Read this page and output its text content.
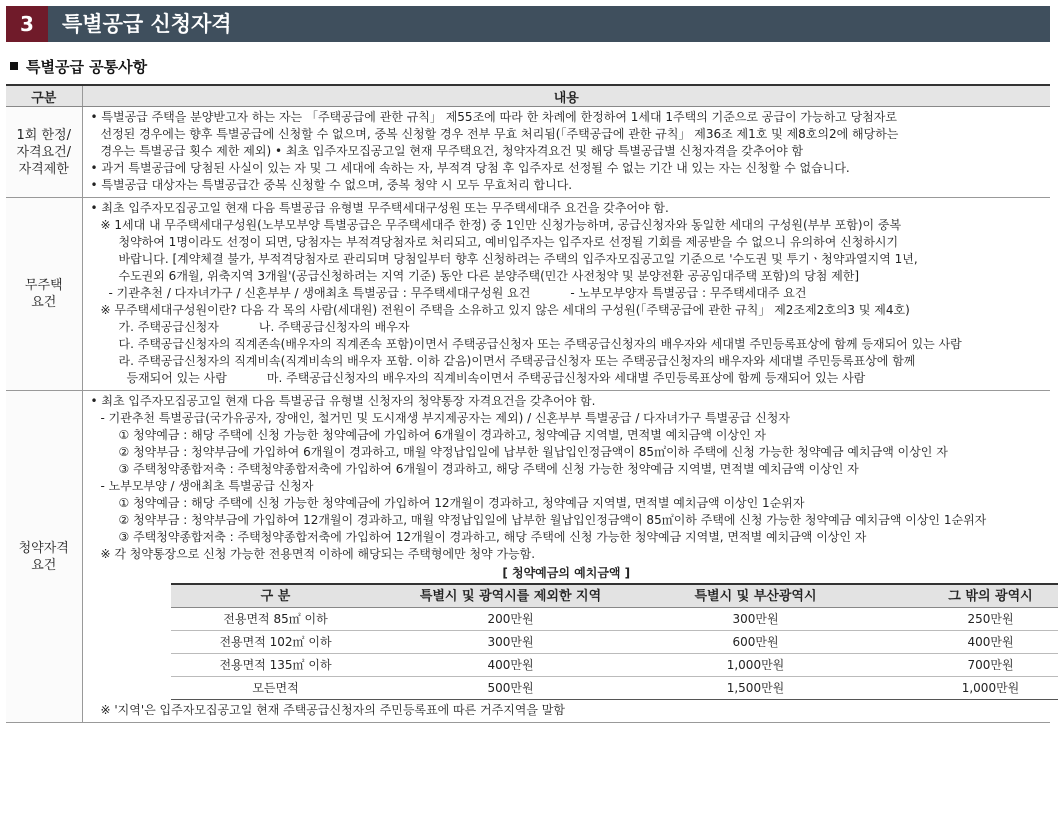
3	특별공급 신청자격
특별공급 공통사항
구분	내용

1회 한정/
자격요건/
자격제한

• 특별공급 주택을 분양받고자 하는 자는 「주택공급에 관한 규칙」 제55조에 따라 한 차례에 한정하여 1세대 1주택의 기준으로 공급이 가능하고 당첨자로
선정된 경우에는 향후 특별공급에 신청할 수 없으며, 중복 신청할 경우 전부 무효 처리됨(「주택공급에 관한 규칙」 제36조 제1호 및 제8호의2에 해당하는
경우는 특별공급 횟수 제한 제외) • 최초 입주자모집공고일 현재 무주택요건, 청약자격요건 및 해당 특별공급별 신청자격을 갖추어야 함
• 과거 특별공급에 당첨된 사실이 있는 자 및 그 세대에 속하는 자, 부적격 당첨 후 입주자로 선정될 수 없는 기간 내 있는 자는 신청할 수 없습니다.
• 특별공급 대상자는 특별공급간 중복 신청할 수 없으며, 중복 청약 시 모두 무효처리 합니다.

무주택
요건

• 최초 입주자모집공고일 현재 다음 특별공급 유형별 무주택세대구성원 또는 무주택세대주 요건을 갖추어야 함.
※ 1세대 내 무주택세대구성원(노부모부양 특별공급은 무주택세대주 한정) 중 1인만 신청가능하며, 공급신청자와 동일한 세대의 구성원(부부 포함)이 중복
청약하여 1명이라도 선정이 되면, 당첨자는 부적격당첨자로 처리되고, 예비입주자는 입주자로 선정될 기회를 제공받을 수 없으니 유의하여 신청하시기
바랍니다. [계약체결 불가, 부적격당첨자로 관리되며 당첨일부터 향후 신청하려는 주택의 입주자모집공고일 기준으로 '수도권 및 투기ㆍ청약과열지역 1년,
수도권외 6개월, 위축지역 3개월'(공급신청하려는 지역 기준) 동안 다른 분양주택(민간 사전청약 및 분양전환 공공임대주택 포함)의 당첨 제한]
- 기관추천 / 다자녀가구 / 신혼부부 / 생애최초 특별공급 : 무주택세대구성원 요건	- 노부모부양자 특별공급 : 무주택세대주 요건
※ 무주택세대구성원이란? 다음 각 목의 사람(세대원) 전원이 주택을 소유하고 있지 않은 세대의 구성원(「주택공급에 관한 규칙」 제2조제2호의3 및 제4호)
가. 주택공급신청자	나. 주택공급신청자의 배우자
다. 주택공급신청자의 직계존속(배우자의 직계존속 포함)이면서 주택공급신청자 또는 주택공급신청자의 배우자와 세대별 주민등록표상에 함께 등재되어 있는 사람
라. 주택공급신청자의 직계비속(직계비속의 배우자 포함. 이하 같음)이면서 주택공급신청자 또는 주택공급신청자의 배우자와 세대별 주민등록표상에 함께
등재되어 있는 사람	마. 주택공급신청자의 배우자의 직계비속이면서 주택공급신청자와 세대별 주민등록표상에 함께 등재되어 있는 사람

청약자격
요건

• 최초 입주자모집공고일 현재 다음 특별공급 유형별 신청자의 청약통장 자격요건을 갖추어야 함.
- 기관추천 특별공급(국가유공자, 장애인, 철거민 및 도시재생 부지제공자는 제외) / 신혼부부 특별공급 / 다자녀가구 특별공급 신청자
① 청약예금 : 해당 주택에 신청 가능한 청약예금에 가입하여 6개월이 경과하고, 청약예금 지역별, 면적별 예치금액 이상인 자
② 청약부금 : 청약부금에 가입하여 6개월이 경과하고, 매월 약정납입일에 납부한 월납입인정금액이 85㎡이하 주택에 신청 가능한 청약예금 예치금액 이상인 자
③ 주택청약종합저축 : 주택청약종합저축에 가입하여 6개월이 경과하고, 해당 주택에 신청 가능한 청약예금 지역별, 면적별 예치금액 이상인 자
- 노부모부양 / 생애최초 특별공급 신청자
① 청약예금 : 해당 주택에 신청 가능한 청약예금에 가입하여 12개월이 경과하고, 청약예금 지역별, 면적별 예치금액 이상인 1순위자
② 청약부금 : 청약부금에 가입하여 12개월이 경과하고, 매월 약정납입일에 납부한 월납입인정금액이 85㎡이하 주택에 신청 가능한 청약예금 예치금액 이상인 1순위자
③ 주택청약종합저축 : 주택청약종합저축에 가입하여 12개월이 경과하고, 해당 주택에 신청 가능한 청약예금 지역별, 면적별 예치금액 이상인 자
※ 각 청약통장으로 신청 가능한 전용면적 이하에 해당되는 주택형에만 청약 가능함.
[ 청약예금의 예치금액 ]
구 분	특별시 및 광역시를 제외한 지역	특별시 및 부산광역시	그 밖의 광역시
전용면적 85㎡ 이하	200만원	300만원	250만원
전용면적 102㎡ 이하	300만원	600만원	400만원
전용면적 135㎡ 이하	400만원	1,000만원	700만원
모든면적	500만원	1,500만원	1,000만원
※ '지역'은 입주자모집공고일 현재 주택공급신청자의 주민등록표에 따른 거주지역을 말함
